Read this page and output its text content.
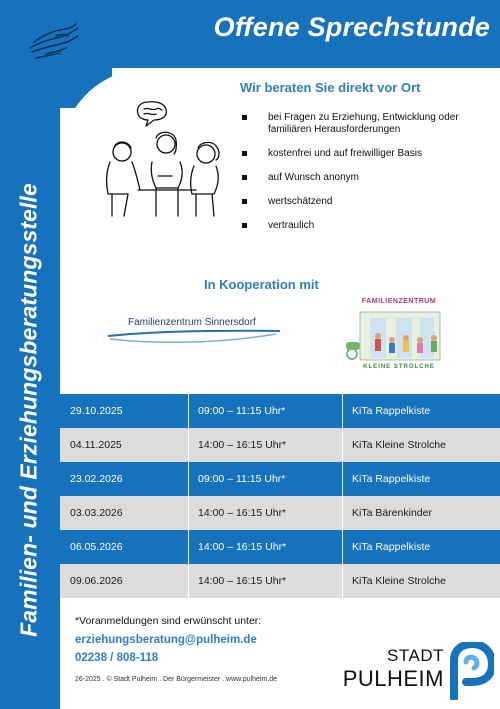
Offene Sprechstunde
Familien- und Erziehungsberatungsstelle
Wir beraten Sie direkt vor Ort
bei Fragen zu Erziehung, Entwicklung oder familiären Herausforderungen
kostenfrei und auf freiwilliger Basis
auf Wunsch anonym
wertschätzend
vertraulich
In Kooperation mit
Familienzentrum Sinnersdorf
FAMILIENZENTRUM
KLEINE STROLCHE
29.10.2025	09:00 – 11:15 Uhr*	KiTa Rappelkiste
04.11.2025	14:00 – 16:15 Uhr*	KiTa Kleine Strolche
23.02.2026	09:00 – 11:15 Uhr*	KiTa Rappelkiste
03.03.2026	14:00 – 16:15 Uhr*	KiTa Bärenkinder
06.05.2026	14:00 – 16:15 Uhr*	KiTa Rappelkiste
09.06.2026	14:00 – 16:15 Uhr*	KiTa Kleine Strolche
*Voranmeldungen sind erwünscht unter:
erziehungsberatung@pulheim.de
02238 / 808-118
26-2025 . © Stadt Pulheim . Der Bürgermeister . www.pulheim.de
STADT
PULHEIM
